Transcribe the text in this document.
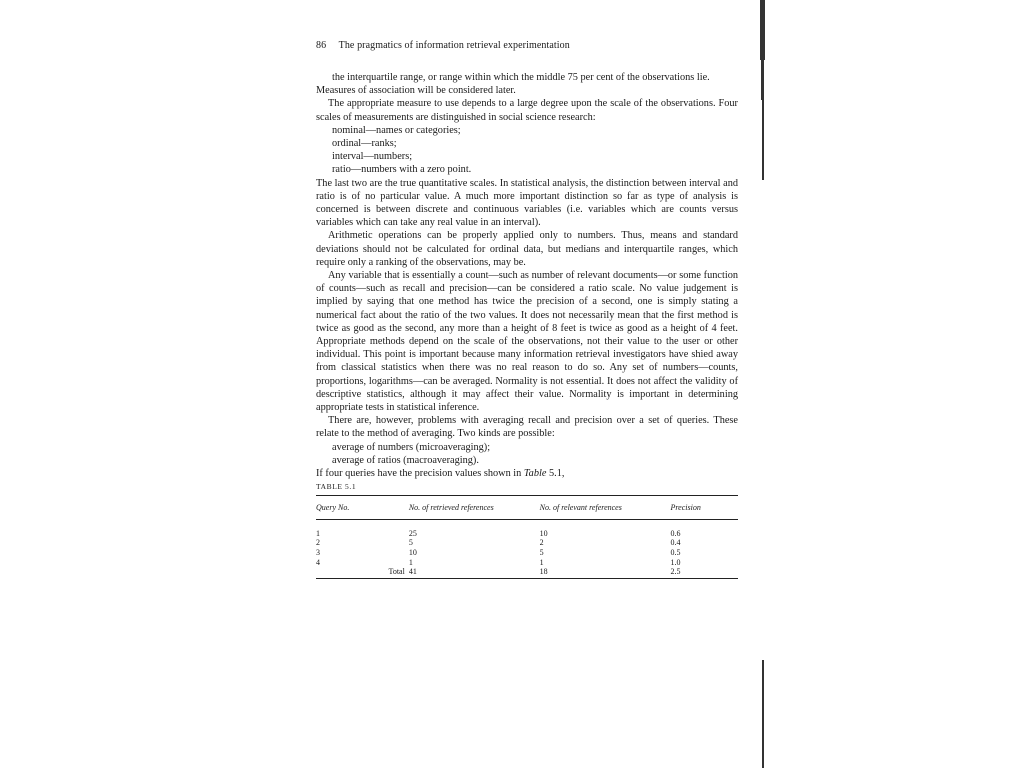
86 The pragmatics of information retrieval experimentation

the interquartile range, or range within which the middle 75 per cent of the observations lie.

Measures of association will be considered later.

The appropriate measure to use depends to a large degree upon the scale of the observations. Four scales of measurements are distinguished in social science research:

nominal—names or categories;
ordinal—ranks;
interval—numbers;
ratio—numbers with a zero point.

The last two are the true quantitative scales. In statistical analysis, the distinction between interval and ratio is of no particular value. A much more important distinction so far as type of analysis is concerned is between discrete and continuous variables (i.e. variables which are counts versus variables which can take any real value in an interval).

Arithmetic operations can be properly applied only to numbers. Thus, means and standard deviations should not be calculated for ordinal data, but medians and interquartile ranges, which require only a ranking of the observations, may be.

Any variable that is essentially a count—such as number of relevant documents—or some function of counts—such as recall and precision—can be considered a ratio scale. No value judgement is implied by saying that one method has twice the precision of a second, one is simply stating a numerical fact about the ratio of the two values. It does not necessarily mean that the first method is twice as good as the second, any more than a height of 8 feet is twice as good as a height of 4 feet. Appropriate methods depend on the scale of the observations, not their value to the user or other individual. This point is important because many information retrieval investigators have shied away from classical statistics when there was no real reason to do so. Any set of numbers—counts, proportions, logarithms—can be averaged. Normality is not essential. It does not affect the validity of descriptive statistics, although it may affect their value. Normality is important in determining appropriate tests in statistical inference.

There are, however, problems with averaging recall and precision over a set of queries. These relate to the method of averaging. Two kinds are possible:

average of numbers (microaveraging);
average of ratios (macroaveraging).

If four queries have the precision values shown in Table 5.1,

TABLE 5.1
Query No.	No. of retrieved references	No. of relevant references	Precision
1	25	10	0.6
2	5	2	0.4
3	10	5	0.5
4	1	1	1.0
Total	41	18	2.5
